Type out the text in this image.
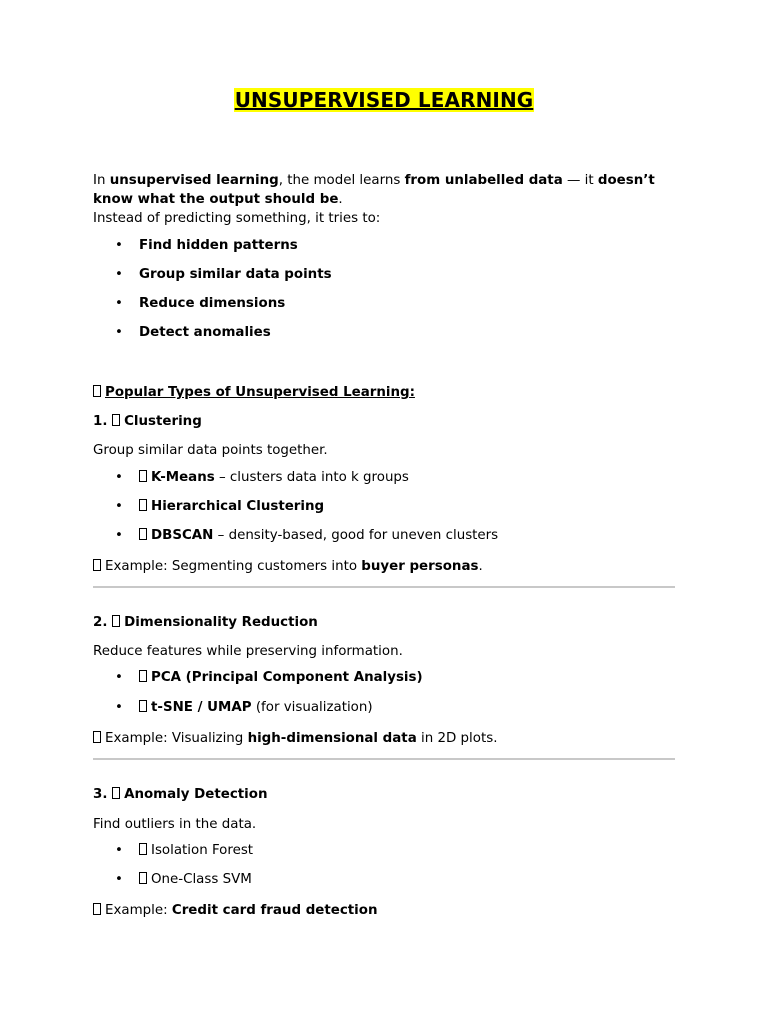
UNSUPERVISED LEARNING
In unsupervised learning, the model learns from unlabelled data — it doesn’t know what the output should be.
Instead of predicting something, it tries to:
• Find hidden patterns
• Group similar data points
• Reduce dimensions
• Detect anomalies
Popular Types of Unsupervised Learning:
1. Clustering
Group similar data points together.
•	K-Means – clusters data into k groups
•	Hierarchical Clustering
•	DBSCAN – density-based, good for uneven clusters
Example: Segmenting customers into buyer personas.
2. Dimensionality Reduction
Reduce features while preserving information.
•	PCA (Principal Component Analysis)
•	t-SNE / UMAP (for visualization)
Example: Visualizing high-dimensional data in 2D plots.
3. Anomaly Detection
Find outliers in the data.
•	Isolation Forest
•	One-Class SVM
Example: Credit card fraud detection
